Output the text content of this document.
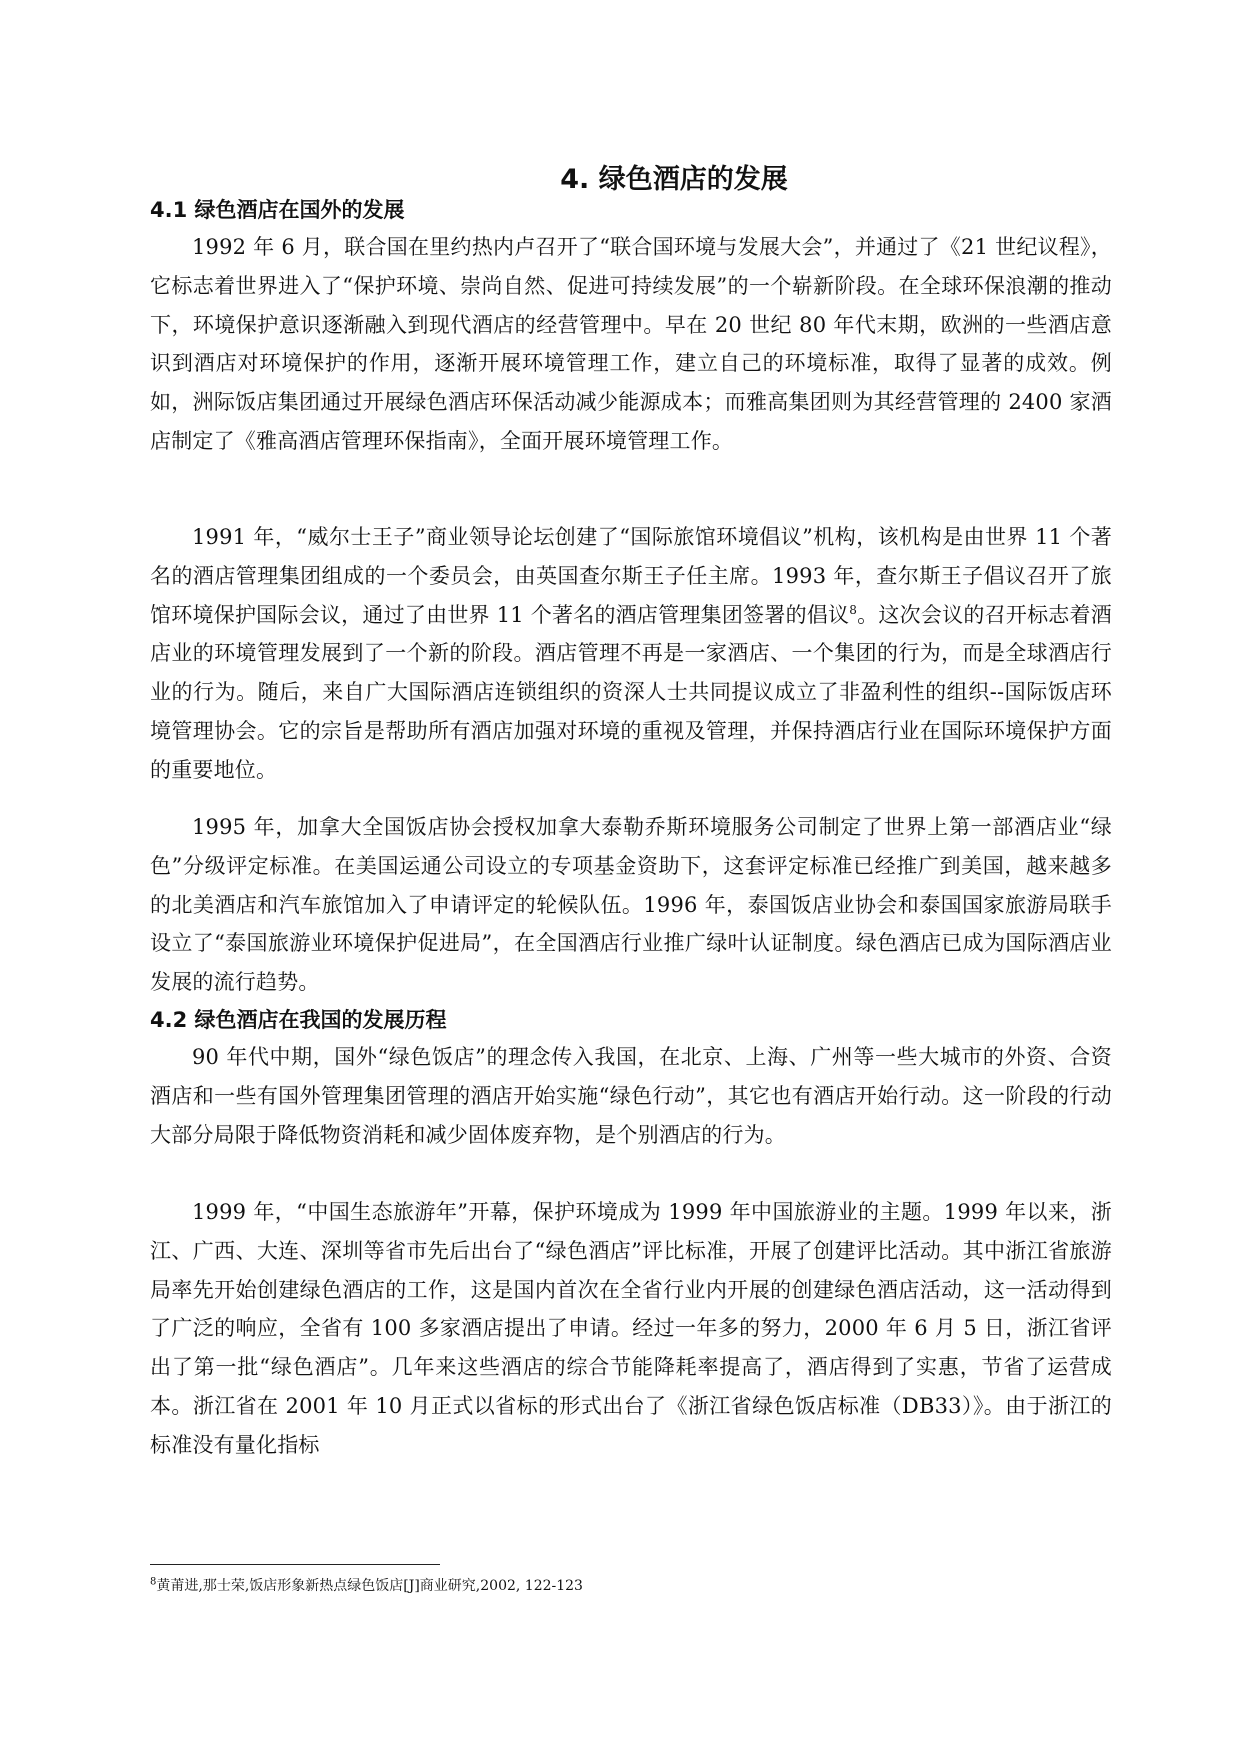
4. 绿色酒店的发展
4.1 绿色酒店在国外的发展

1992 年 6 月，联合国在里约热内卢召开了“联合国环境与发展大会”，并通过了《21 世纪议程》，它标志着世界进入了“保护环境、崇尚自然、促进可持续发展”的一个崭新阶段。在全球环保浪潮的推动下，环境保护意识逐渐融入到现代酒店的经营管理中。早在 20 世纪 80 年代末期，欧洲的一些酒店意识到酒店对环境保护的作用，逐渐开展环境管理工作，建立自己的环境标准，取得了显著的成效。例如，洲际饭店集团通过开展绿色酒店环保活动减少能源成本；而雅高集团则为其经营管理的 2400 家酒店制定了《雅高酒店管理环保指南》，全面开展环境管理工作。

1991 年，“威尔士王子”商业领导论坛创建了“国际旅馆环境倡议”机构，该机构是由世界 11 个著名的酒店管理集团组成的一个委员会，由英国查尔斯王子任主席。1993 年，查尔斯王子倡议召开了旅馆环境保护国际会议，通过了由世界 11 个著名的酒店管理集团签署的倡议$^8$。这次会议的召开标志着酒店业的环境管理发展到了一个新的阶段。酒店管理不再是一家酒店、一个集团的行为，而是全球酒店行业的行为。随后，来自广大国际酒店连锁组织的资深人士共同提议成立了非盈利性的组织--国际饭店环境管理协会。它的宗旨是帮助所有酒店加强对环境的重视及管理，并保持酒店行业在国际环境保护方面的重要地位。

1995 年，加拿大全国饭店协会授权加拿大泰勒乔斯环境服务公司制定了世界上第一部酒店业“绿色”分级评定标准。在美国运通公司设立的专项基金资助下，这套评定标准已经推广到美国，越来越多的北美酒店和汽车旅馆加入了申请评定的轮候队伍。1996 年，泰国饭店业协会和泰国国家旅游局联手设立了“泰国旅游业环境保护促进局”，在全国酒店行业推广绿叶认证制度。绿色酒店已成为国际酒店业发展的流行趋势。

4.2 绿色酒店在我国的发展历程

90 年代中期，国外“绿色饭店”的理念传入我国，在北京、上海、广州等一些大城市的外资、合资酒店和一些有国外管理集团管理的酒店开始实施“绿色行动”，其它也有酒店开始行动。这一阶段的行动大部分局限于降低物资消耗和减少固体废弃物，是个别酒店的行为。

1999 年，“中国生态旅游年”开幕，保护环境成为 1999 年中国旅游业的主题。1999 年以来，浙江、广西、大连、深圳等省市先后出台了“绿色酒店”评比标准，开展了创建评比活动。其中浙江省旅游局率先开始创建绿色酒店的工作，这是国内首次在全省行业内开展的创建绿色酒店活动，这一活动得到了广泛的响应，全省有 100 多家酒店提出了申请。经过一年多的努力，2000 年 6 月 5 日，浙江省评出了第一批“绿色酒店”。几年来这些酒店的综合节能降耗率提高了，酒店得到了实惠，节省了运营成本。浙江省在 2001 年 10 月正式以省标的形式出台了《浙江省绿色饭店标准（DB33）》。由于浙江的标准没有量化指标

$^8$黄莆进,那士荣,饭店形象新热点绿色饭店[J]商业研究,2002, 122-123
